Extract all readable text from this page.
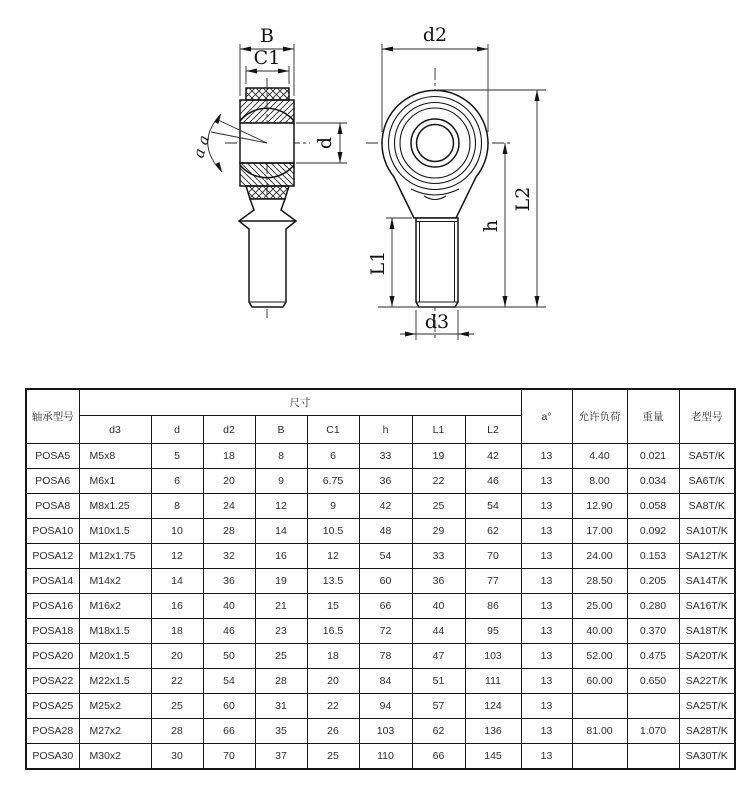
a a
B
C1
d
d2
L1
d3
h
L2
轴承型号	尺寸								a°	允许负荷	重量	老型号
	d3	d	d2	B	C1	h	L1	L2				
POSA5	M5x8	5	18	8	6	33	19	42	13	4.40	0.021	SA5T/K
POSA6	M6x1	6	20	9	6.75	36	22	46	13	8.00	0.034	SA6T/K
POSA8	M8x1.25	8	24	12	9	42	25	54	13	12.90	0.058	SA8T/K
POSA10	M10x1.5	10	28	14	10.5	48	29	62	13	17.00	0.092	SA10T/K
POSA12	M12x1.75	12	32	16	12	54	33	70	13	24.00	0.153	SA12T/K
POSA14	M14x2	14	36	19	13.5	60	36	77	13	28.50	0.205	SA14T/K
POSA16	M16x2	16	40	21	15	66	40	86	13	25.00	0.280	SA16T/K
POSA18	M18x1.5	18	46	23	16.5	72	44	95	13	40.00	0.370	SA18T/K
POSA20	M20x1.5	20	50	25	18	78	47	103	13	52.00	0.475	SA20T/K
POSA22	M22x1.5	22	54	28	20	84	51	111	13	60.00	0.650	SA22T/K
POSA25	M25x2	25	60	31	22	94	57	124	13			SA25T/K
POSA28	M27x2	28	66	35	26	103	62	136	13	81.00	1.070	SA28T/K
POSA30	M30x2	30	70	37	25	110	66	145	13			SA30T/K
